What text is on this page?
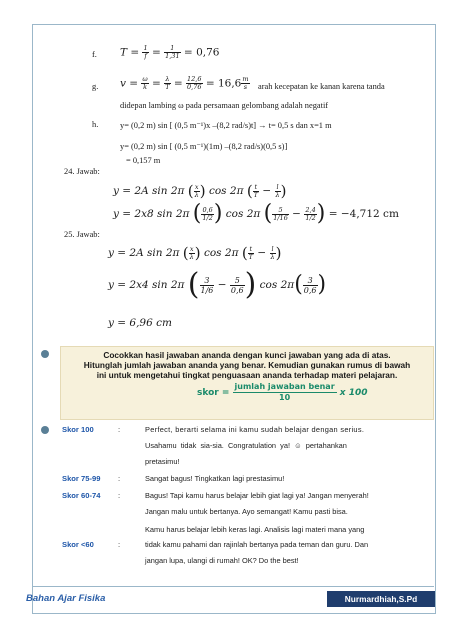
f. $T = \frac{1}{f} = \frac{1}{1,31} = 0,76$
g. $v = \frac{\omega}{k} = \frac{\lambda}{T} = \frac{12,6}{0,76} = 16,6 \frac{m}{s}$ arah kecepatan ke kanan karena tanda
didepan lambing ω pada persamaan gelombang adalah negatif
h.	y= (0,2 m) sin [ (0,5 m⁻¹)x –(8,2 rad/s)t] → t= 0,5 s dan x=1 m
y= (0,2 m) sin [ (0,5 m⁻¹)(1m) –(8,2 rad/s)(0,5 s)]
= 0,157 m
24. Jawab:
y = 2A sin 2π ( $\frac{x}{\lambda}$ ) cos 2π ( $\frac{t}{T} - \frac{l}{\lambda}$ )
y = 2x8 sin 2π ( $\frac{0,6}{1/2}$ ) cos 2π ( $\frac{5}{1/16} - \frac{2,4}{1/2}$ ) = −4,712 cm
25. Jawab:
y = 2A sin 2π ( $\frac{x}{\lambda}$ ) cos 2π ( $\frac{t}{T} - \frac{l}{\lambda}$ )
y = 2x4 sin 2π ( $\frac{3}{1/6} - \frac{5}{0,6}$ ) $\cos 2\pi( \frac{3}{0,6}$ )
y = 6,96 cm
Cocokkan hasil jawaban ananda dengan kunci jawaban yang ada di atas.
Hitunglah jumlah jawaban ananda yang benar. Kemudian gunakan rumus di bawah
ini untuk mengetahui tingkat penguasaan ananda terhadap materi pelajaran.
skor = $\frac{\text{jumlah jawaban benar}}{10}$ x 100
Skor 100	:	Perfect, berarti selama ini kamu sudah belajar dengan serius.
Usahamu  tidak  sia-sia.  Congratulation  ya!  ☺  pertahankan
pretasimu!
Skor 75-99 :	Sangat bagus! Tingkatkan lagi prestasimu!
Skor 60-74 :	Bagus! Tapi kamu harus belajar lebih giat lagi ya! Jangan menyerah!
Jangan malu untuk bertanya. Ayo semangat! Kamu pasti bisa.
Kamu harus belajar lebih keras lagi. Analisis lagi materi mana yang
Skor <60	:	tidak kamu pahami dan rajinlah bertanya pada teman dan guru. Dan
jangan lupa, ulangi di rumah! OK? Do the best!
Bahan Ajar Fisika	Nurmardhiah,S.Pd
